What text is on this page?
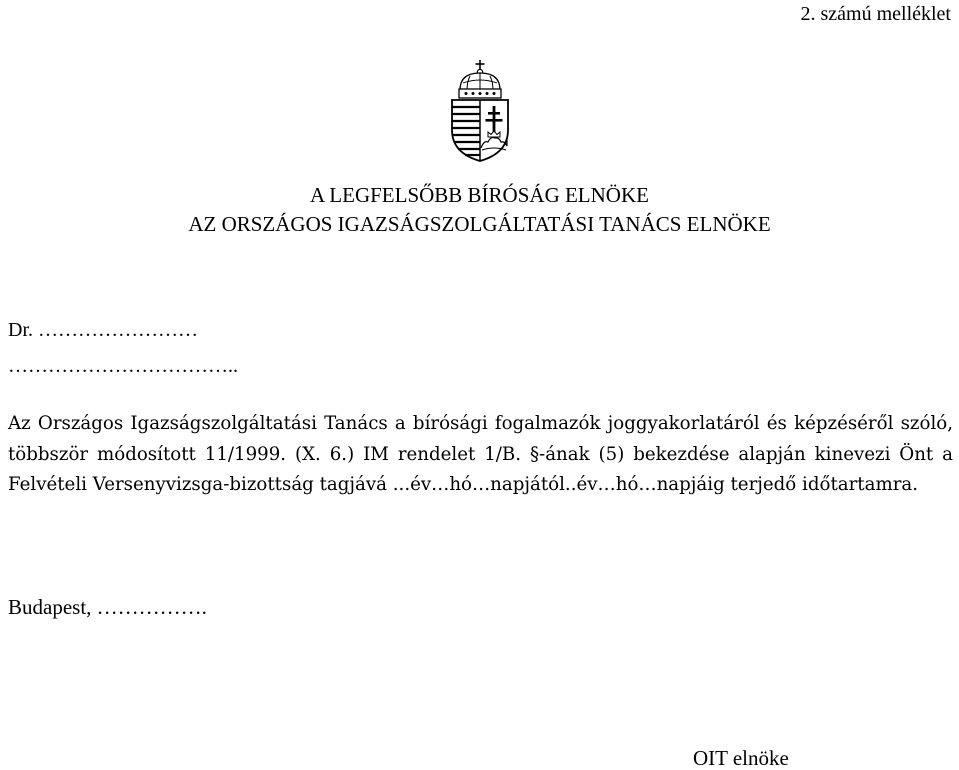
2. számú melléklet
A LEGFELSŐBB BÍRÓSÁG ELNÖKE
AZ ORSZÁGOS IGAZSÁGSZOLGÁLTATÁSI TANÁCS ELNÖKE
Dr. ……………………
……………………………..

Az Országos Igazságszolgáltatási Tanács a bírósági fogalmazók joggyakorlatáról és képzéséről szóló, többször módosított 11/1999. (X. 6.) IM rendelet 1/B. §-ának (5) bekezdése alapján kinevezi Önt a Felvételi Versenyvizsga-bizottság tagjává ...év…hó…napjától..év…hó…napjáig terjedő időtartamra.

Budapest, …………….
OIT elnöke
